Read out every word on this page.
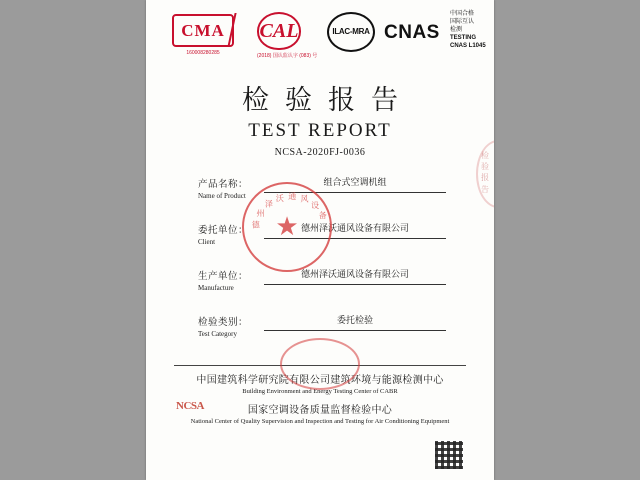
CMA
160008280285
CAL
(2018) 国认监认字 (083) 号
ILAC-MRA CNAS
中国合格
国际互认
检测
TESTING
CNAS L1045
检验报告
TEST REPORT
NCSA-2020FJ-0036
产品名称：
Name of Product
组合式空调机组
委托单位：
Client
德州泽沃通风设备有限公司
生产单位：
Manufacture
德州泽沃通风设备有限公司
检验类别：
Test Category
委托检验
中国建筑科学研究院有限公司建筑环境与能源检测中心
Building Environment and Energy Testing Center of CABR
国家空调设备质量监督检验中心
National Center of Quality Supervision and Inspection and Testing for Air Conditioning Equipment
德
州
泽
沃 通 风
设
备
★
检验报告
NCSA
